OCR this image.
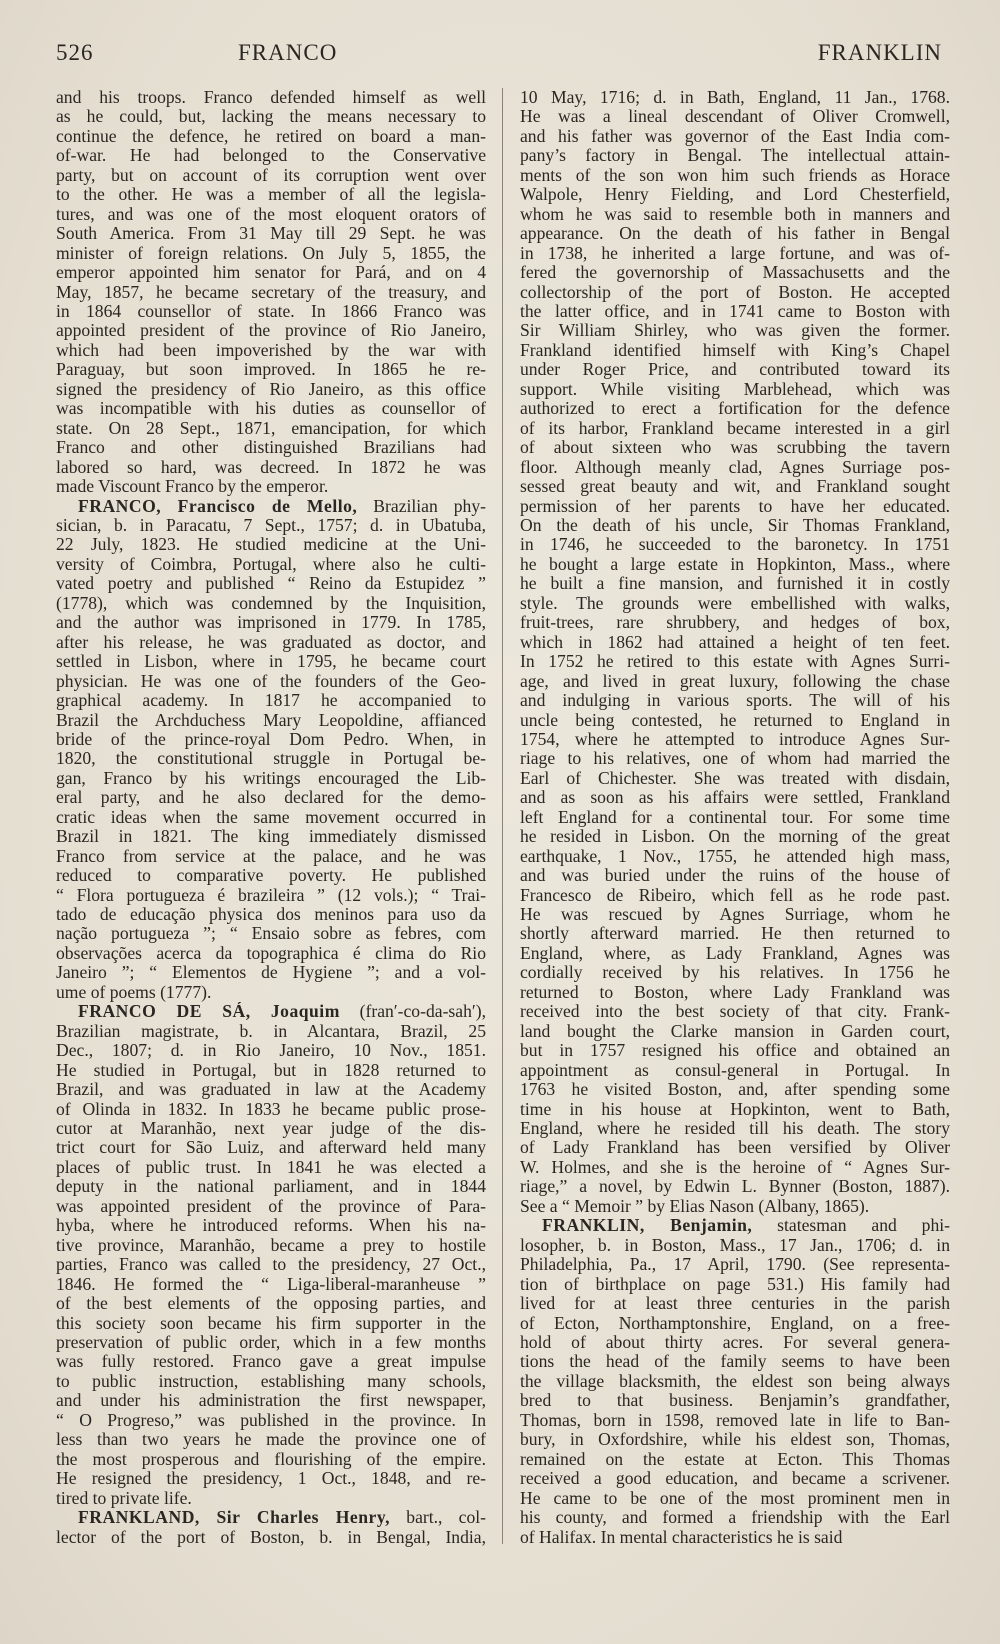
526	FRANCO	FRANKLIN
and his troops. Franco defended himself as well
as he could, but, lacking the means necessary to
continue the defence, he retired on board a man-
of-war. He had belonged to the Conservative
party, but on account of its corruption went over
to the other. He was a member of all the legisla-
tures, and was one of the most eloquent orators of
South America. From 31 May till 29 Sept. he was
minister of foreign relations. On July 5, 1855, the
emperor appointed him senator for Pará, and on 4
May, 1857, he became secretary of the treasury, and
in 1864 counsellor of state. In 1866 Franco was
appointed president of the province of Rio Janeiro,
which had been impoverished by the war with
Paraguay, but soon improved. In 1865 he re-
signed the presidency of Rio Janeiro, as this office
was incompatible with his duties as counsellor of
state. On 28 Sept., 1871, emancipation, for which
Franco and other distinguished Brazilians had
labored so hard, was decreed. In 1872 he was
made Viscount Franco by the emperor.
FRANCO, Francisco de Mello, Brazilian phy-
sician, b. in Paracatu, 7 Sept., 1757; d. in Ubatuba,
22 July, 1823. He studied medicine at the Uni-
versity of Coimbra, Portugal, where also he culti-
vated poetry and published “ Reino da Estupidez ”
(1778), which was condemned by the Inquisition,
and the author was imprisoned in 1779. In 1785,
after his release, he was graduated as doctor, and
settled in Lisbon, where in 1795, he became court
physician. He was one of the founders of the Geo-
graphical academy. In 1817 he accompanied to
Brazil the Archduchess Mary Leopoldine, affianced
bride of the prince-royal Dom Pedro. When, in
1820, the constitutional struggle in Portugal be-
gan, Franco by his writings encouraged the Lib-
eral party, and he also declared for the demo-
cratic ideas when the same movement occurred in
Brazil in 1821. The king immediately dismissed
Franco from service at the palace, and he was
reduced to comparative poverty. He published
“ Flora portugueza é brazileira ” (12 vols.); “ Trai-
tado de educação physica dos meninos para uso da
nação portugueza ”; “ Ensaio sobre as febres, com
observações acerca da topographica é clima do Rio
Janeiro ”; “ Elementos de Hygiene ”; and a vol-
ume of poems (1777).
FRANCO DE SÁ, Joaquim (fran′-co-da-sah′),
Brazilian magistrate, b. in Alcantara, Brazil, 25
Dec., 1807; d. in Rio Janeiro, 10 Nov., 1851.
He studied in Portugal, but in 1828 returned to
Brazil, and was graduated in law at the Academy
of Olinda in 1832. In 1833 he became public prose-
cutor at Maranhão, next year judge of the dis-
trict court for São Luiz, and afterward held many
places of public trust. In 1841 he was elected a
deputy in the national parliament, and in 1844
was appointed president of the province of Para-
hyba, where he introduced reforms. When his na-
tive province, Maranhão, became a prey to hostile
parties, Franco was called to the presidency, 27 Oct.,
1846. He formed the “ Liga-liberal-maranheuse ”
of the best elements of the opposing parties, and
this society soon became his firm supporter in the
preservation of public order, which in a few months
was fully restored. Franco gave a great impulse
to public instruction, establishing many schools,
and under his administration the first newspaper,
“ O Progreso,” was published in the province. In
less than two years he made the province one of
the most prosperous and flourishing of the empire.
He resigned the presidency, 1 Oct., 1848, and re-
tired to private life.
FRANKLAND, Sir Charles Henry, bart., col-
lector of the port of Boston, b. in Bengal, India,
10 May, 1716; d. in Bath, England, 11 Jan., 1768.
He was a lineal descendant of Oliver Cromwell,
and his father was governor of the East India com-
pany’s factory in Bengal. The intellectual attain-
ments of the son won him such friends as Horace
Walpole, Henry Fielding, and Lord Chesterfield,
whom he was said to resemble both in manners and
appearance. On the death of his father in Bengal
in 1738, he inherited a large fortune, and was of-
fered the governorship of Massachusetts and the
collectorship of the port of Boston. He accepted
the latter office, and in 1741 came to Boston with
Sir William Shirley, who was given the former.
Frankland identified himself with King’s Chapel
under Roger Price, and contributed toward its
support. While visiting Marblehead, which was
authorized to erect a fortification for the defence
of its harbor, Frankland became interested in a girl
of about sixteen who was scrubbing the tavern
floor. Although meanly clad, Agnes Surriage pos-
sessed great beauty and wit, and Frankland sought
permission of her parents to have her educated.
On the death of his uncle, Sir Thomas Frankland,
in 1746, he succeeded to the baronetcy. In 1751
he bought a large estate in Hopkinton, Mass., where
he built a fine mansion, and furnished it in costly
style. The grounds were embellished with walks,
fruit-trees, rare shrubbery, and hedges of box,
which in 1862 had attained a height of ten feet.
In 1752 he retired to this estate with Agnes Surri-
age, and lived in great luxury, following the chase
and indulging in various sports. The will of his
uncle being contested, he returned to England in
1754, where he attempted to introduce Agnes Sur-
riage to his relatives, one of whom had married the
Earl of Chichester. She was treated with disdain,
and as soon as his affairs were settled, Frankland
left England for a continental tour. For some time
he resided in Lisbon. On the morning of the great
earthquake, 1 Nov., 1755, he attended high mass,
and was buried under the ruins of the house of
Francesco de Ribeiro, which fell as he rode past.
He was rescued by Agnes Surriage, whom he
shortly afterward married. He then returned to
England, where, as Lady Frankland, Agnes was
cordially received by his relatives. In 1756 he
returned to Boston, where Lady Frankland was
received into the best society of that city. Frank-
land bought the Clarke mansion in Garden court,
but in 1757 resigned his office and obtained an
appointment as consul-general in Portugal. In
1763 he visited Boston, and, after spending some
time in his house at Hopkinton, went to Bath,
England, where he resided till his death. The story
of Lady Frankland has been versified by Oliver
W. Holmes, and she is the heroine of “ Agnes Sur-
riage,” a novel, by Edwin L. Bynner (Boston, 1887).
See a “ Memoir ” by Elias Nason (Albany, 1865).
FRANKLIN, Benjamin, statesman and phi-
losopher, b. in Boston, Mass., 17 Jan., 1706; d. in
Philadelphia, Pa., 17 April, 1790. (See representa-
tion of birthplace on page 531.) His family had
lived for at least three centuries in the parish
of Ecton, Northamptonshire, England, on a free-
hold of about thirty acres. For several genera-
tions the head of the family seems to have been
the village blacksmith, the eldest son being always
bred to that business. Benjamin’s grandfather,
Thomas, born in 1598, removed late in life to Ban-
bury, in Oxfordshire, while his eldest son, Thomas,
remained on the estate at Ecton. This Thomas
received a good education, and became a scrivener.
He came to be one of the most prominent men in
his county, and formed a friendship with the Earl
of Halifax. In mental characteristics he is said
